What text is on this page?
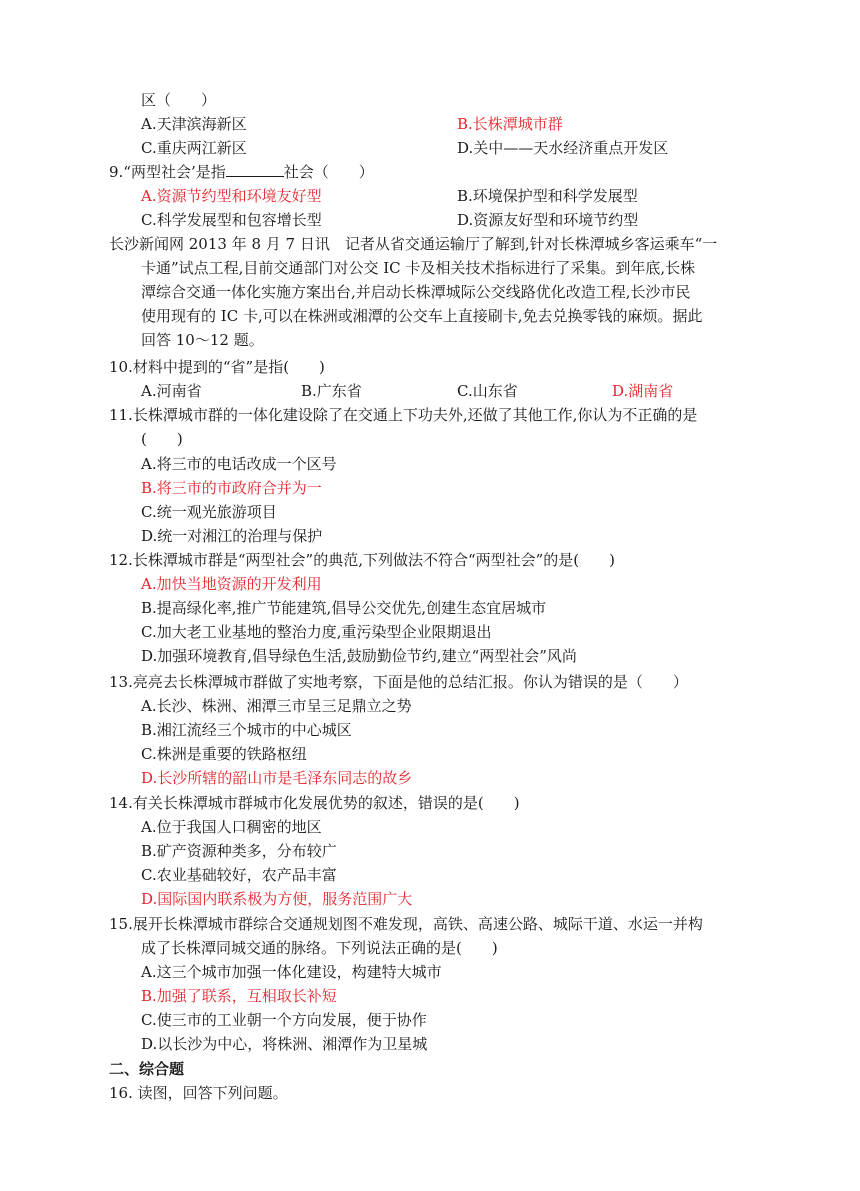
区（　　）
A.天津滨海新区	B.长株潭城市群
C.重庆两江新区	D.关中——天水经济重点开发区
9.“两型社会’是指	社会（　　）
A.资源节约型和环境友好型	B.环境保护型和科学发展型
C.科学发展型和包容增长型	D.资源友好型和环境节约型
长沙新闻网 2013 年 8 月 7 日讯　记者从省交通运输厅了解到,针对长株潭城乡客运乘车“一
卡通”试点工程,目前交通部门对公交 IC 卡及相关技术指标进行了采集。到年底,长株
潭综合交通一体化实施方案出台,并启动长株潭城际公交线路优化改造工程,长沙市民
使用现有的 IC 卡,可以在株洲或湘潭的公交车上直接刷卡,免去兑换零钱的麻烦。据此
回答 10～12 题。
10.材料中提到的“省”是指(　　)
A.河南省	B.广东省	C.山东省	D.湖南省
11.长株潭城市群的一体化建设除了在交通上下功夫外,还做了其他工作,你认为不正确的是
(　　)
A.将三市的电话改成一个区号
B.将三市的市政府合并为一
C.统一观光旅游项目
D.统一对湘江的治理与保护
12.长株潭城市群是“两型社会”的典范,下列做法不符合“两型社会”的是(　　)
A.加快当地资源的开发利用
B.提高绿化率,推广节能建筑,倡导公交优先,创建生态宜居城市
C.加大老工业基地的整治力度,重污染型企业限期退出
D.加强环境教育,倡导绿色生活,鼓励勤俭节约,建立“两型社会”风尚
13.亮亮去长株潭城市群做了实地考察，下面是他的总结汇报。你认为错误的是（　　）
A.长沙、株洲、湘潭三市呈三足鼎立之势
B.湘江流经三个城市的中心城区
C.株洲是重要的铁路枢纽
D.长沙所辖的韶山市是毛泽东同志的故乡
14.有关长株潭城市群城市化发展优势的叙述，错误的是(　　)
A.位于我国人口稠密的地区
B.矿产资源种类多，分布较广
C.农业基础较好，农产品丰富
D.国际国内联系极为方便，服务范围广大
15.展开长株潭城市群综合交通规划图不难发现，高铁、高速公路、城际干道、水运一并构
成了长株潭同城交通的脉络。下列说法正确的是(　　)
A.这三个城市加强一体化建设，构建特大城市
B.加强了联系，互相取长补短
C.使三市的工业朝一个方向发展，便于协作
D.以长沙为中心，将株洲、湘潭作为卫星城
二、综合题
16. 读图，回答下列问题。
